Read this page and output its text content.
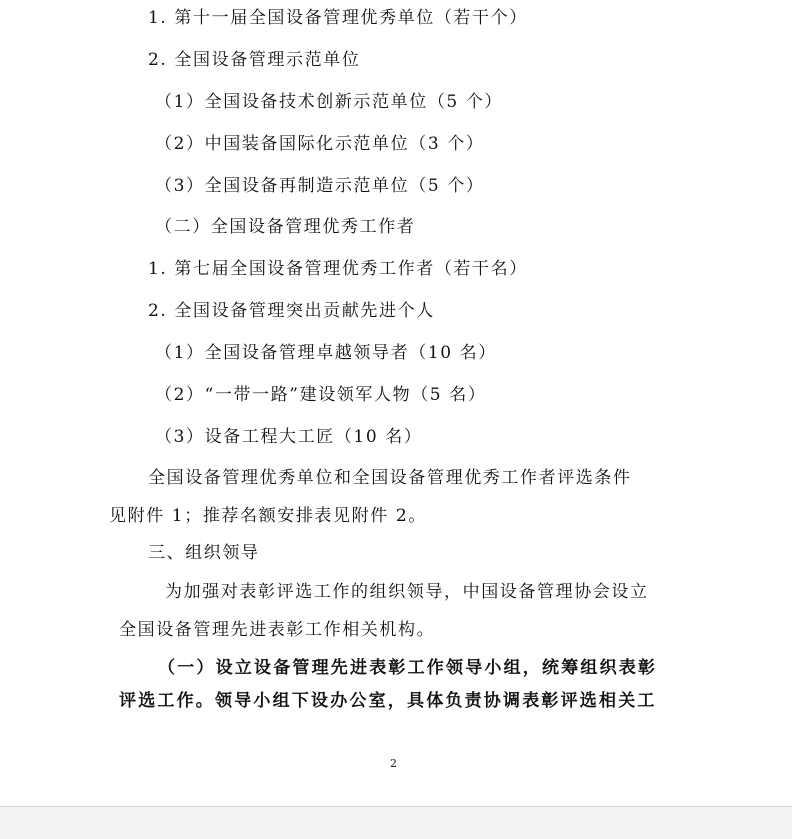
1. 第十一届全国设备管理优秀单位（若干个）
2. 全国设备管理示范单位
（1）全国设备技术创新示范单位（5 个）
（2）中国装备国际化示范单位（3 个）
（3）全国设备再制造示范单位（5 个）
（二）全国设备管理优秀工作者
1. 第七届全国设备管理优秀工作者（若干名）
2. 全国设备管理突出贡献先进个人
（1）全国设备管理卓越领导者（10 名）
（2）“一带一路”建设领军人物（5 名）
（3）设备工程大工匠（10 名）
全国设备管理优秀单位和全国设备管理优秀工作者评选条件
见附件 1；推荐名额安排表见附件 2。
三、组织领导
为加强对表彰评选工作的组织领导，中国设备管理协会设立
全国设备管理先进表彰工作相关机构。
（一）设立设备管理先进表彰工作领导小组，统筹组织表彰
评选工作。领导小组下设办公室，具体负责协调表彰评选相关工
2
